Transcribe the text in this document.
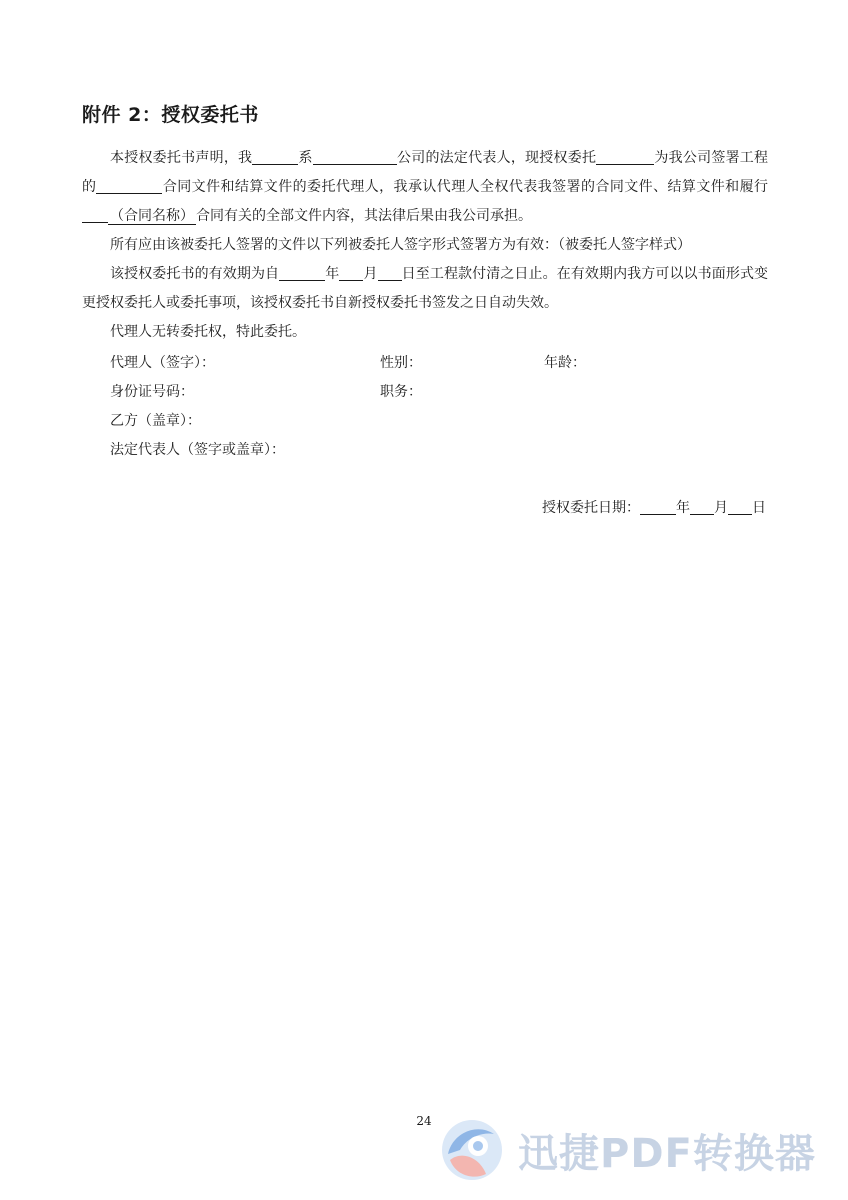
附件 2：授权委托书
本授权委托书声明，我	系	公司的法定代表人，现授权委托	为我公司签署工程的	合同文件和结算文件的委托代理人，我承认代理人全权代表我签署的合同文件、结算文件和履行（合同名称） 合同有关的全部文件内容，其法律后果由我公司承担。
所有应由该被委托人签署的文件以下列被委托人签字形式签署方为有效：（被委托人签字样式）
该授权委托书的有效期为自	年 月 日至工程款付清之日止。在有效期内我方可以以书面形式变更授权委托人或委托事项，该授权委托书自新授权委托书签发之日自动失效。
代理人无转委托权，特此委托。
代理人（签字）：	性别：	年龄：
身份证号码：	职务：
乙方（盖章）：
法定代表人（签字或盖章）：
授权委托日期：	年 月 日
24
迅捷PDF转换器
